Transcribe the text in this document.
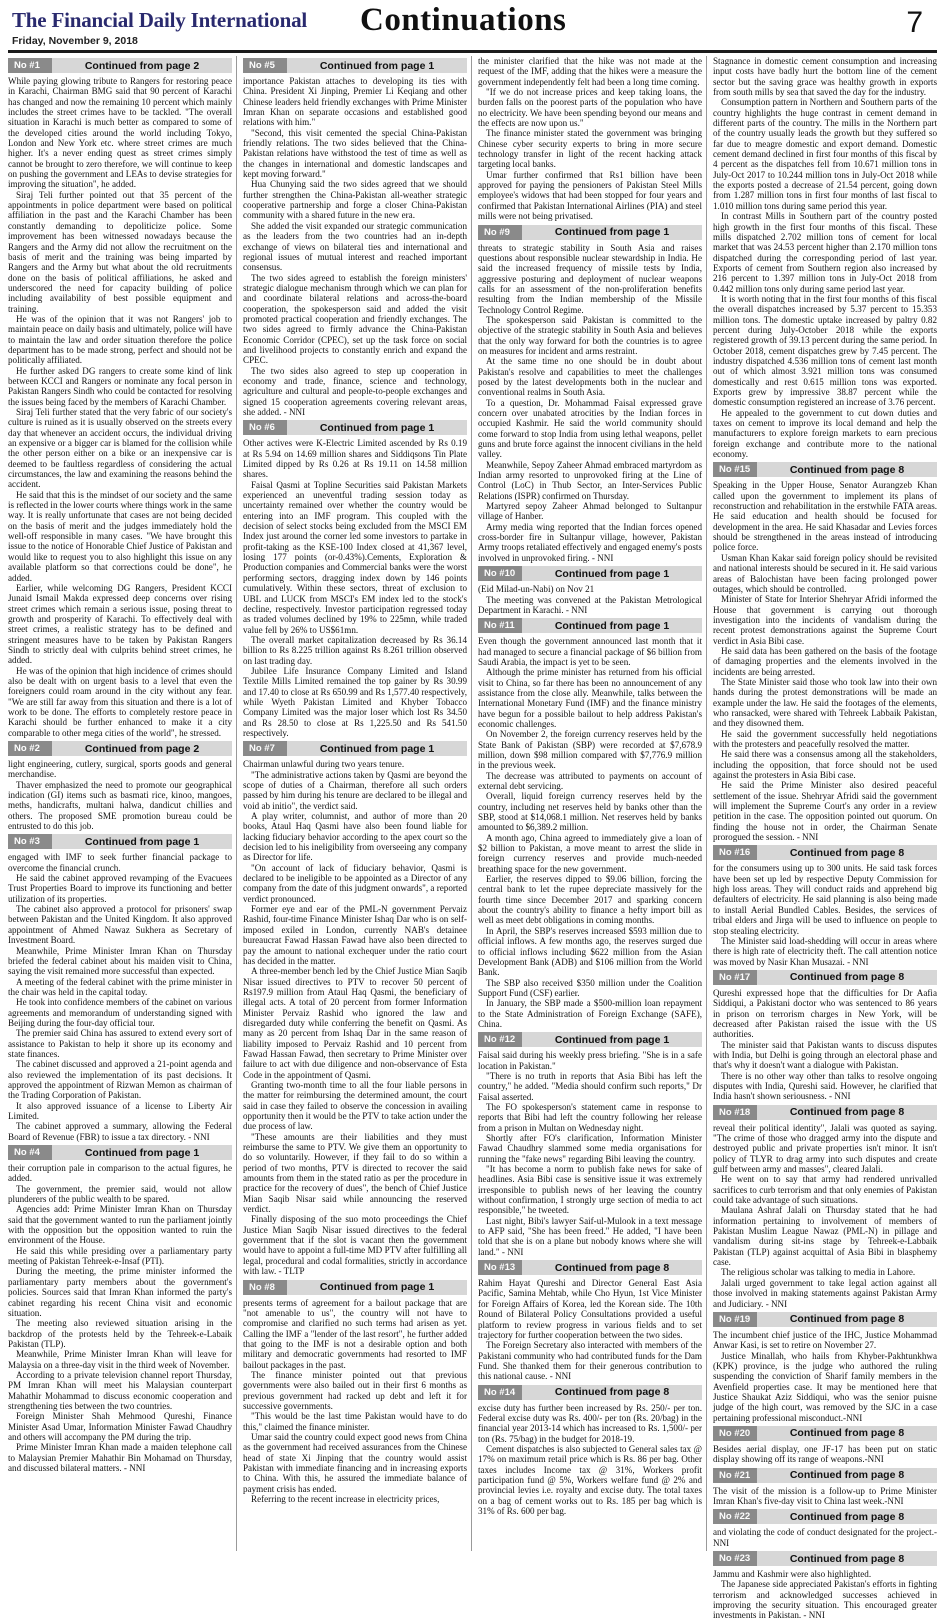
The Financial Daily International
Friday, November 9, 2018
Continuations	7
No #1	Continued from page 2

While paying glowing tribute to Rangers for restoring peace in Karachi, Chairman BMG said that 90 percent of Karachi has changed and now the remaining 10 percent which mainly includes the street crimes have to be tackled. "The overall situation in Karachi is much better as compared to some of the developed cities around the world including Tokyo, London and New York etc. where street crimes are much higher. It's a never ending quest as street crimes simply cannot be brought to zero therefore, we will continue to keep on pushing the government and LEAs to devise strategies for improving the situation", he added.

Siraj Teli further pointed out that 35 percent of the appointments in police department were based on political affiliation in the past and the Karachi Chamber has been constantly demanding to depoliticize police. Some improvement has been witnessed nowadays because the Rangers and the Army did not allow the recruitment on the basis of merit and the training was being imparted by Rangers and the Army but what about the old recruitments done on the basis of political affiliations, he asked and underscored the need for capacity building of police including availability of best possible equipment and training.

He was of the opinion that it was not Rangers' job to maintain peace on daily basis and ultimately, police will have to maintain the law and order situation therefore the police department has to be made strong, perfect and should not be politically affiliated.

He further asked DG rangers to create some kind of link between KCCI and Rangers or nominate any focal person in Pakistan Rangers Sindh who could be contacted for resolving the issues being faced by the members of Karachi Chamber.

Siraj Teli further stated that the very fabric of our society's culture is ruined as it is usually observed on the streets every day that whenever an accident occurs, the individual driving an expensive or a bigger car is blamed for the collision while the other person either on a bike or an inexpensive car is deemed to be faultless regardless of considering the actual circumstances, the law and examining the reasons behind the accident.

He said that this is the mindset of our society and the same is reflected in the lower courts where things work in the same way. It is really unfortunate that cases are not being decided on the basis of merit and the judges immediately hold the well-off responsible in many cases. "We have brought this issue to the notice of Honorable Chief Justice of Pakistan and would like to request you to also highlight this issue on any available platform so that corrections could be done", he added.

Earlier, while welcoming DG Rangers, President KCCI Junaid Ismail Makda expressed deep concerns over rising street crimes which remain a serious issue, posing threat to growth and prosperity of Karachi. To effectively deal with street crimes, a realistic strategy has to be defined and stringent measures have to be taken by Pakistan Rangers Sindh to strictly deal with culprits behind street crimes, he added.

He was of the opinion that high incidence of crimes should also be dealt with on urgent basis to a level that even the foreigners could roam around in the city without any fear. "We are still far away from this situation and there is a lot of work to be done. The efforts to completely restore peace in Karachi should be further enhanced to make it a city comparable to other mega cities of the world", he stressed.

No #2	Continued from page 2

light engineering, cutlery, surgical, sports goods and general merchandise.

Thaver emphasized the need to promote our geographical indication (GI) items such as basmati rice, kinoo, mangoes, meths, handicrafts, multani halwa, dandicut chillies and others. The proposed SME promotion bureau could be entrusted to do this job.

No #3	Continued from page 1

engaged with IMF to seek further financial package to overcome the financial crunch.

He said the cabinet approved revamping of the Evacuees Trust Properties Board to improve its functioning and better utilization of its properties.

The cabinet also approved a protocol for prisoners' swap between Pakistan and the United Kingdom. It also approved appointment of Ahmed Nawaz Sukhera as Secretary of Investment Board.

Meanwhile, Prime Minister Imran Khan on Thursday briefed the federal cabinet about his maiden visit to China, saying the visit remained more successful than expected.

A meeting of the federal cabinet with the prime minister in the chair was held in the capital today.

He took into confidence members of the cabinet on various agreements and memorandum of understanding signed with Beijing during the four-day official tour.

The premier said China has assured to extend every sort of assistance to Pakistan to help it shore up its economy and state finances.

The cabinet discussed and approved a 21-point agenda and also reviewed the implementation of its past decisions. It approved the appointment of Rizwan Memon as chairman of the Trading Corporation of Pakistan.

It also approved issuance of a license to Liberty Air Limited.

The cabinet approved a summary, allowing the Federal Board of Revenue (FBR) to issue a tax directory. - NNI

No #4	Continued from page 1

their corruption pale in comparison to the actual figures, he added.

The government, the premier said, would not allow plunderers of the public wealth to be spared.

Agencies add: Prime Minister Imran Khan on Thursday said that the government wanted to run the parliament jointly with the opposition but the opposition wanted to ruin the environment of the House.

He said this while presiding over a parliamentary party meeting of Pakistan Tehreek-e-Insaf (PTI).

During the meeting, the prime minister informed the parliamentary party members about the government's policies. Sources said that Imran Khan informed the party's cabinet regarding his recent China visit and economic situation.

The meeting also reviewed situation arising in the backdrop of the protests held by the Tehreek-e-Labaik Pakistan (TLP).

Meanwhile, Prime Minister Imran Khan will leave for Malaysia on a three-day visit in the third week of November.

According to a private television channel report Thursday, PM Imran Khan will meet his Malaysian counterpart Mahathir Mohammad to discuss economic cooperation and strengthening ties between the two countries.

Foreign Minister Shah Mehmood Qureshi, Finance Minister Asad Umar, Information Minister Fawad Chaudhry and others will accompany the PM during the trip.

Prime Minister Imran Khan made a maiden telephone call to Malaysian Premier Mahathir Bin Mohamad on Thursday, and discussed bilateral matters. - NNI

No #5	Continued from page 1

importance Pakistan attaches to developing its ties with China. President Xi Jinping, Premier Li Keqiang and other Chinese leaders held friendly exchanges with Prime Minister Imran Khan on separate occasions and established good relations with him."

"Second, this visit cemented the special China-Pakistan friendly relations. The two sides believed that the China-Pakistan relations have withstood the test of time as well as the changes in international and domestic landscapes and kept moving forward."

Hua Chunying said the two sides agreed that we should further strengthen the China-Pakistan all-weather strategic cooperative partnership and forge a closer China-Pakistan community with a shared future in the new era.

She added the visit expanded our strategic communication as the leaders from the two countries had an in-depth exchange of views on bilateral ties and international and regional issues of mutual interest and reached important consensus.

The two sides agreed to establish the foreign ministers' strategic dialogue mechanism through which we can plan for and coordinate bilateral relations and across-the-board cooperation, the spokesperson said and added the visit promoted practical cooperation and friendly exchanges. The two sides agreed to firmly advance the China-Pakistan Economic Corridor (CPEC), set up the task force on social and livelihood projects to constantly enrich and expand the CPEC.

The two sides also agreed to step up cooperation in economy and trade, finance, science and technology, agriculture and cultural and people-to-people exchanges and signed 15 cooperation agreements covering relevant areas, she added. - NNI

No #6	Continued from page 1

Other actives were K-Electric Limited ascended by Rs 0.19 at Rs 5.94 on 14.69 million shares and Siddiqsons Tin Plate Limited dipped by Rs 0.26 at Rs 19.11 on 14.58 million shares.

Faisal Qasmi at Topline Securities said Pakistan Markets experienced an uneventful trading session today as uncertainty remained over whether the country would be entering into an IMF program. This coupled with the decision of select stocks being excluded from the MSCI EM Index just around the corner led some investors to partake in profit-taking as the KSE-100 Index closed at 41,367 level, losing 177 points (or-0.43%).Cements, Exploration & Production companies and Commercial banks were the worst performing sectors, dragging index down by 146 points cumulatively. Within these sectors, threat of exclusion to UBL and LUCK from MSCI's EM index led to the stock's decline, respectively. Investor participation regressed today as traded volumes declined by 19% to 225mn, while traded value fell by 26% to US$61mn.

The overall market capitalization decreased by Rs 36.14 billion to Rs 8.225 trillion against Rs 8.261 trillion observed on last trading day.

Jubilee Life Insurance Company Limited and Island Textile Mills Limited remained the top gainer by Rs 30.99 and 17.40 to close at Rs 650.99 and Rs 1,577.40 respectively, while Wyeth Pakistan Limited and Khyber Tobacco Company Limited was the major loser which lost Rs 34.50 and Rs 28.50 to close at Rs 1,225.50 and Rs 541.50 respectively.

No #7	Continued from page 1

Chairman unlawful during two years tenure.

"The administrative actions taken by Qasmi are beyond the scope of duties of a Chairman, therefore all such orders passed by him during his tenure are declared to be illegal and void ab initio", the verdict said.

A play writer, columnist, and author of more than 20 books, Ataul Haq Qasmi have also been found liable for lacking fiduciary behavior according to the apex court so the decision led to his ineligibility from overseeing any company as Director for life.

"On account of lack of fiduciary behavior, Qasmi is declared to be ineligible to be appointed as a Director of any company from the date of this judgment onwards", a reported verdict pronounced.

Former eye and ear of the PML-N government Pervaiz Rashid, four-time Finance Minister Ishaq Dar who is on self-imposed exiled in London, currently NAB's detainee bureaucrat Fawad Hassan Fawad have also been directed to pay the amount to national exchequer under the ratio court has decided in the matter.

A three-member bench led by the Chief Justice Mian Saqib Nisar issued directives to PTV to recover 50 percent of Rs197.9 million from Ataul Haq Qasmi, the beneficiary of illegal acts. A total of 20 percent from former Information Minister Pervaiz Rashid who ignored the law and disregarded duty while conferring the benefit on Qasmi. As many as 20 percent from Ishaq Dar in the same reason of liability imposed to Pervaiz Rashid and 10 percent from Fawad Hassan Fawad, then secretary to Prime Minister over failure to act with due diligence and non-observance of Esta Code in the appointment of Qasmi.

Granting two-month time to all the four liable persons in the matter for reimbursing the determined amount, the court said in case they failed to observe the concession in availing opportunity then it would be the PTV to take action under the due process of law.

"These amounts are their liabilities and they must reimburse the same to PTV. We give them an opportunity to do so voluntarily. However, if they fail to do so within a period of two months, PTV is directed to recover the said amounts from them in the stated ratio as per the procedure in practice for the recovery of dues", the bench of Chief Justice Mian Saqib Nisar said while announcing the reserved verdict.

Finally disposing of the suo moto proceedings the Chief Justice Mian Saqib Nisar issued directives to the federal government that if the slot is vacant then the government would have to appoint a full-time MD PTV after fulfilling all legal, procedural and codal formalities, strictly in accordance with law. - TLTP

No #8	Continued from page 1

presents terms of agreement for a bailout package that are "not amenable to us", the country will not have to compromise and clarified no such terms had arisen as yet. Calling the IMF a "lender of the last resort", he further added that going to the IMF is not a desirable option and both military and democratic governments had resorted to IMF bailout packages in the past.

The finance minister pointed out that previous governments were also bailed out in their first 6 months as previous government had racked up debt and left it for successive governments.

"This would be the last time Pakistan would have to do this," claimed the finance minister.

Umar said the country could expect good news from China as the government had received assurances from the Chinese head of state Xi Jinping that the country would assist Pakistan with immediate financing and in increasing exports to China. With this, he assured the immediate balance of payment crisis has ended.

Referring to the recent increase in electricity prices,

the minister clarified that the hike was not made at the request of the IMF, adding that the hikes were a measure the government independently felt had been a long time coming.

"If we do not increase prices and keep taking loans, the burden falls on the poorest parts of the population who have no electricity. We have been spending beyond our means and the effects are now upon us."

The finance minister stated the government was bringing Chinese cyber security experts to bring in more secure technology transfer in light of the recent hacking attack targeting local banks.

Umar further confirmed that Rs1 billion have been approved for paying the pensioners of Pakistan Steel Mills employee's widows that had been stopped for four years and confirmed that Pakistan International Airlines (PIA) and steel mills were not being privatised.

No #9	Continued from page 1

threats to strategic stability in South Asia and raises questions about responsible nuclear stewardship in India. He said the increased frequency of missile tests by India, aggressive posturing and deployment of nuclear weapons calls for an assessment of the non-proliferation benefits resulting from the Indian membership of the Missile Technology Control Regime.

The spokesperson said Pakistan is committed to the objective of the strategic stability in South Asia and believes that the only way forward for both the countries is to agree on measures for incident and arms restraint.

At the same time no one should be in doubt about Pakistan's resolve and capabilities to meet the challenges posed by the latest developments both in the nuclear and conventional realms in South Asia.

To a question, Dr. Mohammad Faisal expressed grave concern over unabated atrocities by the Indian forces in occupied Kashmir. He said the world community should come forward to stop India from using lethal weapons, pellet guns and brute force against the innocent civilians in the held valley.

Meanwhile, Sepoy Zaheer Ahmad embraced martyrdom as Indian army resorted to unprovoked firing at the Line of Control (LoC) in Thub Sector, an Inter-Services Public Relations (ISPR) confirmed on Thursday.

Martyred sepoy Zaheer Ahmad belonged to Sultanpur village of Hanber.

Army media wing reported that the Indian forces opened cross-border fire in Sultanpur village, however, Pakistan Army troops retaliated effectively and engaged enemy's posts involved in unprovoked firing. - NNI

No #10	Continued from page 1

(Eid Milad-un-Nabi) on Nov 21

The meeting was convened at the Pakistan Metrological Department in Karachi. - NNI

No #11	Continued from page 1

Even though the government announced last month that it had managed to secure a financial package of $6 billion from Saudi Arabia, the impact is yet to be seen.

Although the prime minister has returned from his official visit to China, so far there has been no announcement of any assistance from the close ally. Meanwhile, talks between the International Monetary Fund (IMF) and the finance ministry have begun for a possible bailout to help address Pakistan's economic challenges.

On November 2, the foreign currency reserves held by the State Bank of Pakistan (SBP) were recorded at $7,678.9 million, down $98 million compared with $7,776.9 million in the previous week.

The decrease was attributed to payments on account of external debt servicing.

Overall, liquid foreign currency reserves held by the country, including net reserves held by banks other than the SBP, stood at $14,068.1 million. Net reserves held by banks amounted to $6,389.2 million.

A month ago, China agreed to immediately give a loan of $2 billion to Pakistan, a move meant to arrest the slide in foreign currency reserves and provide much-needed breathing space for the new government.

Earlier, the reserves dipped to $9.06 billion, forcing the central bank to let the rupee depreciate massively for the fourth time since December 2017 and sparking concern about the country's ability to finance a hefty import bill as well as meet debt obligations in coming months.

In April, the SBP's reserves increased $593 million due to official inflows. A few months ago, the reserves surged due to official inflows including $622 million from the Asian Development Bank (ADB) and $106 million from the World Bank.

The SBP also received $350 million under the Coalition Support Fund (CSF) earlier.

In January, the SBP made a $500-million loan repayment to the State Administration of Foreign Exchange (SAFE), China.

No #12	Continued from page 1

Faisal said during his weekly press briefing. "She is in a safe location in Pakistan."

"There is no truth in reports that Asia Bibi has left the country," he added. "Media should confirm such reports," Dr Faisal asserted.

The FO spokesperson's statement came in response to reports that Bibi had left the country following her release from a prison in Multan on Wednesday night.

Shortly after FO's clarification, Information Minister Fawad Chaudhry slammed some media organisations for running the "fake news" regarding Bibi leaving the country.

"It has become a norm to publish fake news for sake of headlines. Asia Bibi case is sensitive issue it was extremely irresponsible to publish news of her leaving the country without confirmation, I strongly urge section of media to act responsible," he tweeted.

Last night, Bibi's lawyer Saif-ul-Mulook in a text message to AFP said, "She has been freed." He added, "I have been told that she is on a plane but nobody knows where she will land." - NNI

No #13	Continued from page 8

Rahim Hayat Qureshi and Director General East Asia Pacific, Samina Mehtab, while Cho Hyun, 1st Vice Minister for Foreign Affairs of Korea, led the Korean side. The 10th Round of Bilateral Policy Consultations provided a useful platform to review progress in various fields and to set trajectory for further cooperation between the two sides.

The Foreign Secretary also interacted with members of the Pakistani community who had contributed funds for the Dam Fund. She thanked them for their generous contribution to this national cause. - NNI

No #14	Continued from page 8

excise duty has further been increased by Rs. 250/- per ton. Federal excise duty was Rs. 400/- per ton (Rs. 20/bag) in the financial year 2013-14 which has increased to Rs. 1,500/- per ton (Rs. 75/bag) in the budget for 2018-19.

Cement dispatches is also subjected to General sales tax @ 17% on maximum retail price which is Rs. 86 per bag. Other taxes includes Income tax @ 31%, Workers profit participation fund @ 5%, Workers welfare fund @ 2% and provincial levies i.e. royalty and excise duty. The total taxes on a bag of cement works out to Rs. 185 per bag which is 31% of Rs. 600 per bag.

Stagnance in domestic cement consumption and increasing input costs have badly hurt the bottom line of the cement sector but the saving grace was healthy growth in exports from south mills by sea that saved the day for the industry.

Consumption pattern in Northern and Southern parts of the country highlights the huge contrast in cement demand in different parts of the country. The mills in the Northern part of the country usually leads the growth but they suffered so far due to meagre domestic and export demand. Domestic cement demand declined in first four months of this fiscal by 4 percent as the dispatches fell from 10.671 million tons in July-Oct 2017 to 10.244 million tons in July-Oct 2018 while the exports posted a decrease of 21.54 percent, going down from 1.287 million tons in first four months of last fiscal to 1.010 million tons during same period this year.

In contrast Mills in Southern part of the country posted high growth in the first four months of this fiscal. These mills dispatched 2.702 million tons of cement for local market that was 24.53 percent higher than 2.170 million tons dispatched during the corresponding period of last year. Exports of cement from Southern region also increased by 216 percent to 1.397 million tons in July-Oct 2018 from 0.442 million tons only during same period last year.

It is worth noting that in the first four months of this fiscal the overall dispatches increased by 5.37 percent to 15.353 million tons. The domestic uptake increased by paltry 0.82 percent during July-October 2018 while the exports registered growth of 39.13 percent during the same period. In October 2018, cement dispatches grew by 7.45 percent. The industry dispatched 4.536 million tons of cement last month out of which almost 3.921 million tons was consumed domestically and rest 0.615 million tons was exported. Exports grew by impressive 38.87 percent while the domestic consumption registered an increase of 3.76 percent.

He appealed to the government to cut down duties and taxes on cement to improve its local demand and help the manufacturers to explore foreign markets to earn precious foreign exchange and contribute more to the national economy.

No #15	Continued from page 8

Speaking in the Upper House, Senator Aurangzeb Khan called upon the government to implement its plans of reconstruction and rehabilitation in the erstwhile FATA areas. He said education and health should be focused for development in the area. He said Khasadar and Levies forces should be strengthened in the areas instead of introducing police force.

Usman Khan Kakar said foreign policy should be revisited and national interests should be secured in it. He said various areas of Balochistan have been facing prolonged power outages, which should be controlled.

Minister of State for Interior Shehryar Afridi informed the House that government is carrying out thorough investigation into the incidents of vandalism during the recent protest demonstrations against the Supreme Court verdict in Asia Bibi case.

He said data has been gathered on the basis of the footage of damaging properties and the elements involved in the incidents are being arrested.

The State Minister said those who took law into their own hands during the protest demonstrations will be made an example under the law. He said the footages of the elements, who ransacked, were shared with Tehreek Labbaik Pakistan, and they disowned them.

He said the government successfully held negotiations with the protesters and peacefully resolved the matter.

He said there was a consensus among all the stakeholders, including the opposition, that force should not be used against the protesters in Asia Bibi case.

He said the Prime Minister also desired peaceful settlement of the issue. Shehryar Afridi said the government will implement the Supreme Court's any order in a review petition in the case. The opposition pointed out quorum. On finding the house not in order, the Chairman Senate prorogued the session. - NNI

No #16	Continued from page 8

for the consumers using up to 300 units. He said task forces have been set up led by respective Deputy Commission for high loss areas. They will conduct raids and apprehend big defaulters of electricity. He said planning is also being made to install Aerial Bundled Cables. Besides, the services of tribal elders and Jirga will be used to influence on people to stop stealing electricity.

The Minister said load-shedding will occur in areas where there is high rate of electricity theft. The call attention notice was moved by Nasir Khan Musazai. - NNI

No #17	Continued from page 8

Qureshi expressed hope that the difficulties for Dr Aafia Siddiqui, a Pakistani doctor who was sentenced to 86 years in prison on terrorism charges in New York, will be decreased after Pakistan raised the issue with the US authorities.

The minister said that Pakistan wants to discuss disputes with India, but Delhi is going through an electoral phase and that's why it doesn't want a dialogue with Pakistan.

There is no other way other than talks to resolve ongoing disputes with India, Qureshi said. However, he clarified that India hasn't shown seriousness. - NNI

No #18	Continued from page 8

reveal their political identity", Jalali was quoted as saying. "The crime of those who dragged army into the dispute and destroyed public and private properties isn't minor. It isn't policy of TLYR to drag army into such disputes and create gulf between army and masses", cleared Jalali.

He went on to say that army had rendered unrivalled sacrifices to curb terrorism and that only enemies of Pakistan could take advantage of such situations.

Maulana Ashraf Jalali on Thursday stated that he had information pertaining to involvement of members of Pakistan Muslim League Nawaz (PML-N) in pillage and vandalism during sit-ins stage by Tehreek-e-Labbaik Pakistan (TLP) against acquittal of Asia Bibi in blasphemy case.

The religious scholar was talking to media in Lahore.

Jalali urged government to take legal action against all those involved in making statements against Pakistan Army and Judiciary. - NNI

No #19	Continued from page 8

The incumbent chief justice of the IHC, Justice Mohammad Anwar Kasi, is set to retire on November 27.

Justice Minallah, who hails from Khyber-Pakhtunkhwa (KPK) province, is the judge who authored the ruling suspending the conviction of Sharif family members in the Avenfield properties case. It may be mentioned here that Justice Shaukat Aziz Siddiqui, who was the senior puisne judge of the high court, was removed by the SJC in a case pertaining professional misconduct.-NNI

No #20	Continued from page 8

Besides aerial display, one JF-17 has been put on static display showing off its range of weapons.-NNI

No #21	Continued from page 8

The visit of the mission is a follow-up to Prime Minister Imran Khan's five-day visit to China last week.-NNI

No #22	Continued from page 8

and violating the code of conduct designated for the project.-NNI

No #23	Continued from page 8

Jammu and Kashmir were also highlighted.

The Japanese side appreciated Pakistan's efforts in fighting terrorism and acknowledged successes achieved in improving the security situation. This encouraged greater investments in Pakistan. - NNI
